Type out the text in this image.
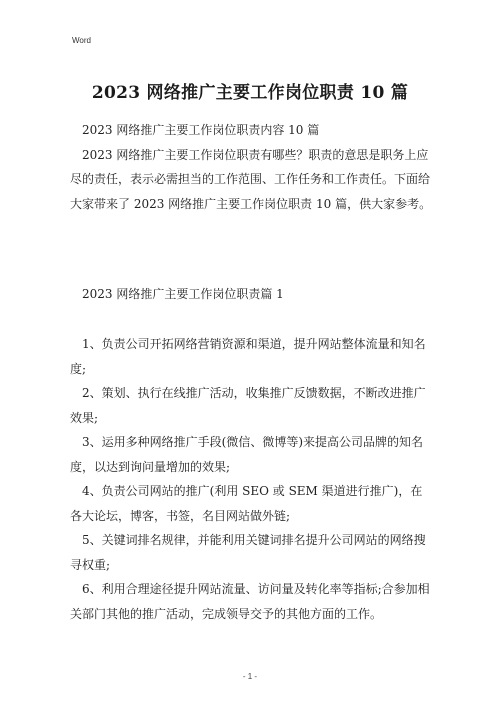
Word
2023 网络推广主要工作岗位职责 10 篇

2023 网络推广主要工作岗位职责内容 10 篇

2023 网络推广主要工作岗位职责有哪些？职责的意思是职务上应尽的责任，表示必需担当的工作范围、工作任务和工作责任。下面给大家带来了 2023 网络推广主要工作岗位职责 10 篇，供大家参考。

2023 网络推广主要工作岗位职责篇 1

1、负责公司开拓网络营销资源和渠道，提升网站整体流量和知名度;

2、策划、执行在线推广活动，收集推广反馈数据，不断改进推广效果;

3、运用多种网络推广手段(微信、微博等)来提高公司品牌的知名度，以达到询问量增加的效果;

4、负责公司网站的推广(利用 SEO 或 SEM 渠道进行推广)，在各大论坛，博客，书签，名目网站做外链;

5、关键词排名规律，并能利用关键词排名提升公司网站的网络搜寻权重;

6、利用合理途径提升网站流量、访问量及转化率等指标;合参加相关部门其他的推广活动，完成领导交予的其他方面的工作。

- 1 -
